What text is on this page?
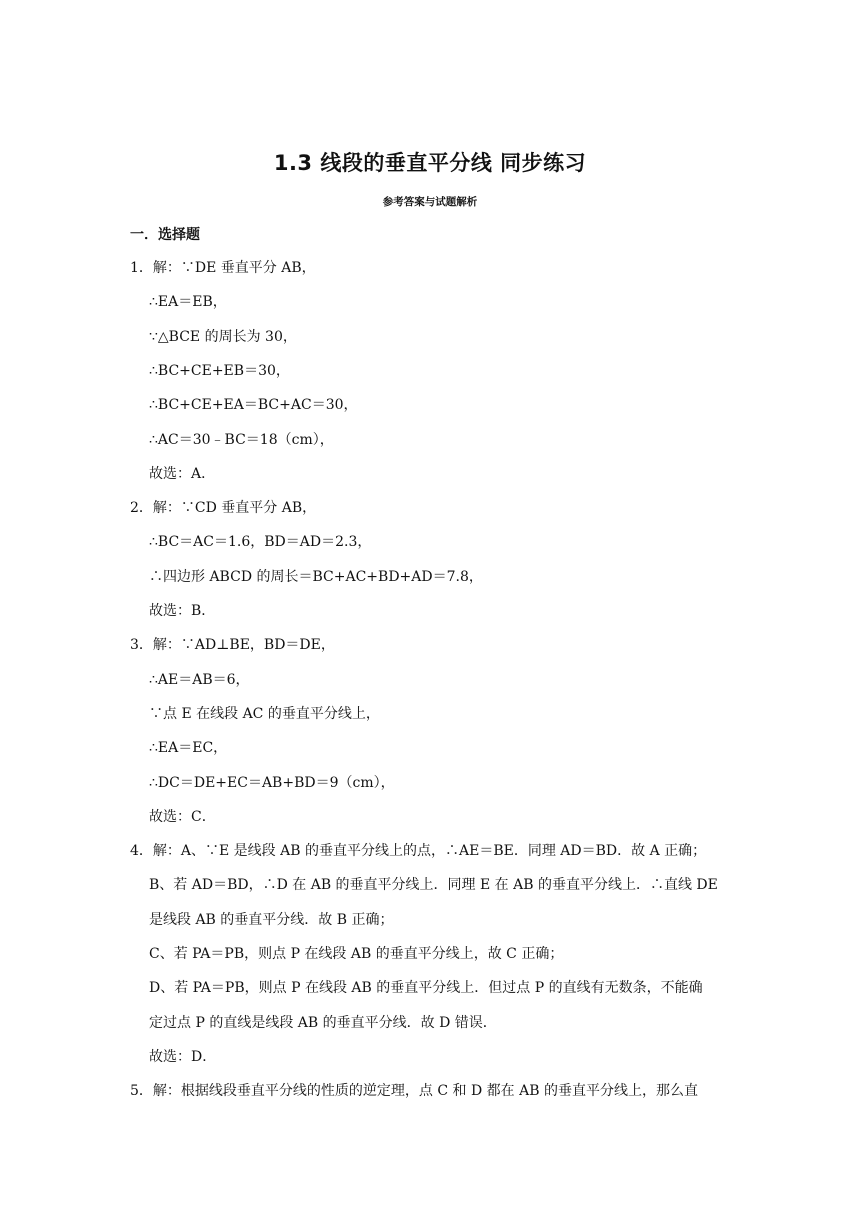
1.3 线段的垂直平分线 同步练习
参考答案与试题解析
一．选择题
1．解：∵DE 垂直平分 AB，
∴EA＝EB，
∵△BCE 的周长为 30，
∴BC+CE+EB＝30，
∴BC+CE+EA＝BC+AC＝30，
∴AC＝30﹣BC＝18（cm），
故选：A．
2．解：∵CD 垂直平分 AB，
∴BC＝AC＝1.6，BD＝AD＝2.3，
∴四边形 ABCD 的周长＝BC+AC+BD+AD＝7.8，
故选：B．
3．解：∵AD⊥BE，BD＝DE，
∴AE＝AB＝6，
∵点 E 在线段 AC 的垂直平分线上，
∴EA＝EC，
∴DC＝DE+EC＝AB+BD＝9（cm），
故选：C．
4．解：A、∵E 是线段 AB 的垂直平分线上的点，∴AE＝BE．同理 AD＝BD．故 A 正确；
B、若 AD＝BD，∴D 在 AB 的垂直平分线上．同理 E 在 AB 的垂直平分线上．∴直线 DE
是线段 AB 的垂直平分线．故 B 正确；
C、若 PA＝PB，则点 P 在线段 AB 的垂直平分线上，故 C 正确；
D、若 PA＝PB，则点 P 在线段 AB 的垂直平分线上．但过点 P 的直线有无数条，不能确
定过点 P 的直线是线段 AB 的垂直平分线．故 D 错误．
故选：D．
5．解：根据线段垂直平分线的性质的逆定理，点 C 和 D 都在 AB 的垂直平分线上，那么直
